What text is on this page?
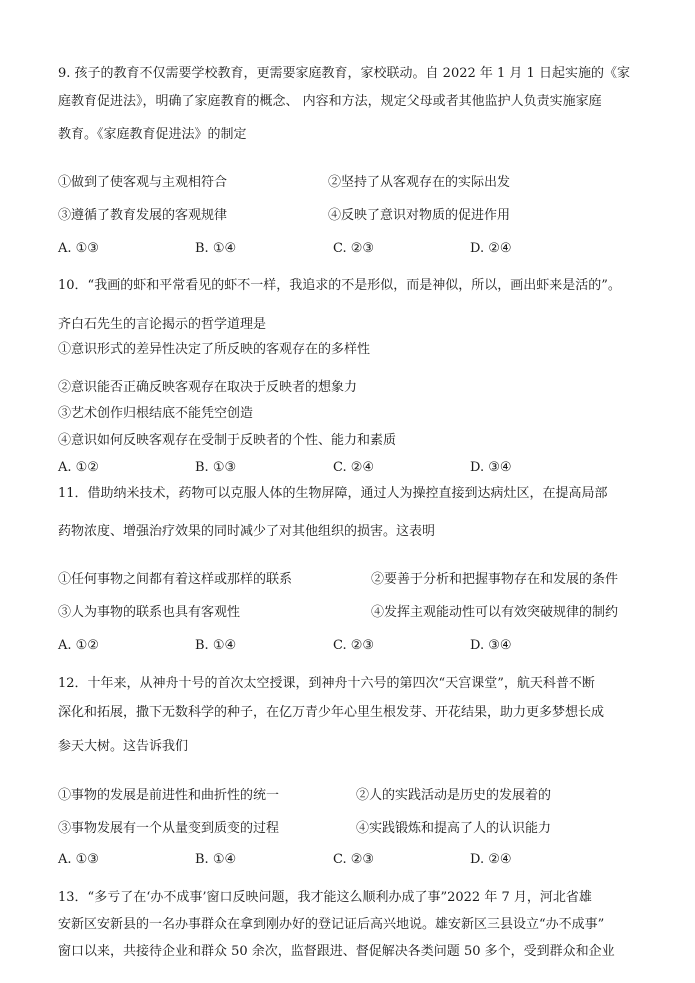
9. 孩子的教育不仅需要学校教育，更需要家庭教育，家校联动。自 2022 年 1 月 1 日起实施的《家
庭教育促进法》，明确了家庭教育的概念、 内容和方法，规定父母或者其他监护人负责实施家庭
教育。《家庭教育促进法》的制定
①做到了使客观与主观相符合	②坚持了从客观存在的实际出发
③遵循了教育发展的客观规律	④反映了意识对物质的促进作用
A. ①③	B. ①④	C. ②③	D. ②④
10．“我画的虾和平常看见的虾不一样，我追求的不是形似，而是神似，所以，画出虾来是活的”。
齐白石先生的言论揭示的哲学道理是
①意识形式的差异性决定了所反映的客观存在的多样性
②意识能否正确反映客观存在取决于反映者的想象力
③艺术创作归根结底不能凭空创造
④意识如何反映客观存在受制于反映者的个性、能力和素质
A. ①②	B. ①③	C. ②④	D. ③④
11．借助纳米技术，药物可以克服人体的生物屏障，通过人为操控直接到达病灶区，在提高局部
药物浓度、增强治疗效果的同时减少了对其他组织的损害。这表明
①任何事物之间都有着这样或那样的联系	②要善于分析和把握事物存在和发展的条件
③人为事物的联系也具有客观性	④发挥主观能动性可以有效突破规律的制约
A. ①②	B. ①④	C. ②③	D. ③④
12．十年来，从神舟十号的首次太空授课，到神舟十六号的第四次“天宫课堂”，航天科普不断
深化和拓展，撒下无数科学的种子，在亿万青少年心里生根发芽、开花结果，助力更多梦想长成
参天大树。这告诉我们
①事物的发展是前进性和曲折性的统一	②人的实践活动是历史的发展着的
③事物发展有一个从量变到质变的过程	④实践锻炼和提高了人的认识能力
A. ①③	B. ①④	C. ②③	D. ②④
13．“多亏了在‘办不成事’窗口反映问题，我才能这么顺利办成了事”2022 年 7 月，河北省雄
安新区安新县的一名办事群众在拿到刚办好的登记证后高兴地说。雄安新区三县设立“办不成事”
窗口以来，共接待企业和群众 50 余次，监督跟进、督促解决各类问题 50 多个，受到群众和企业
